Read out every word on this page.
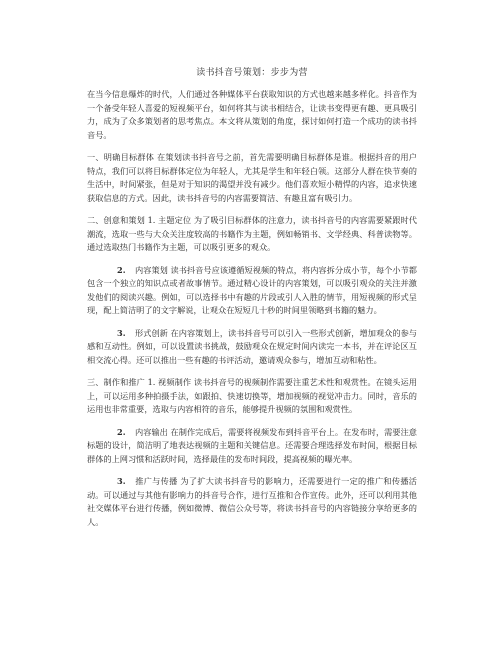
读书抖音号策划：步步为营

在当今信息爆炸的时代，人们通过各种媒体平台获取知识的方式也越来越多样化。抖音作为一个备受年轻人喜爱的短视频平台，如何将其与读书相结合，让读书变得更有趣、更具吸引力，成为了众多策划者的思考焦点。本文将从策划的角度，探讨如何打造一个成功的读书抖音号。

一、明确目标群体 在策划读书抖音号之前，首先需要明确目标群体是谁。根据抖音的用户特点，我们可以将目标群体定位为年轻人，尤其是学生和年轻白领。这部分人群在快节奏的生活中，时间紧张，但是对于知识的渴望并没有减少。他们喜欢短小精悍的内容，追求快速获取信息的方式。因此，读书抖音号的内容需要简洁、有趣且富有吸引力。

二、创意和策划 1. 主题定位 为了吸引目标群体的注意力，读书抖音号的内容需要紧跟时代潮流，选取一些与大众关注度较高的书籍作为主题，例如畅销书、文学经典、科普读物等。通过选取热门书籍作为主题，可以吸引更多的观众。

2. 内容策划 读书抖音号应该遵循短视频的特点，将内容拆分成小节，每个小节都包含一个独立的知识点或者故事情节。通过精心设计的内容策划，可以吸引观众的关注并激发他们的阅读兴趣。例如，可以选择书中有趣的片段或引人入胜的情节，用短视频的形式呈现，配上简洁明了的文字解说，让观众在短短几十秒的时间里领略到书籍的魅力。

3. 形式创新 在内容策划上，读书抖音号可以引入一些形式创新，增加观众的参与感和互动性。例如，可以设置读书挑战，鼓励观众在规定时间内读完一本书，并在评论区互相交流心得。还可以推出一些有趣的书评活动，邀请观众参与，增加互动和粘性。

三、制作和推广 1. 视频制作 读书抖音号的视频制作需要注重艺术性和观赏性。在镜头运用上，可以运用多种拍摄手法，如跟拍、快速切换等，增加视频的视觉冲击力。同时，音乐的运用也非常重要，选取与内容相符的音乐，能够提升视频的氛围和观赏性。

2. 内容输出 在制作完成后，需要将视频发布到抖音平台上。在发布时，需要注意标题的设计，简洁明了地表达视频的主题和关键信息。还需要合理选择发布时间，根据目标群体的上网习惯和活跃时间，选择最佳的发布时间段，提高视频的曝光率。

3. 推广与传播 为了扩大读书抖音号的影响力，还需要进行一定的推广和传播活动。可以通过与其他有影响力的抖音号合作，进行互推和合作宣传。此外，还可以利用其他社交媒体平台进行传播，例如微博、微信公众号等，将读书抖音号的内容链接分享给更多的人。
